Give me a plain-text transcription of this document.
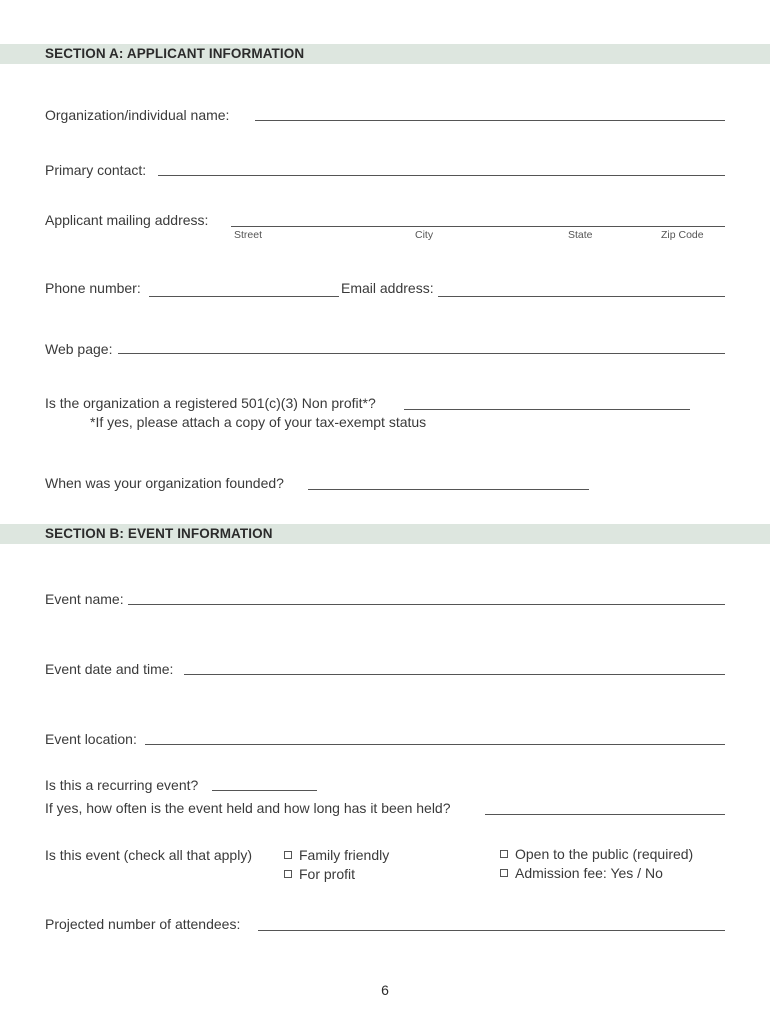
SECTION A: APPLICANT INFORMATION
Organization/individual name:
Primary contact:
Applicant mailing address:
Street	City	State	Zip Code
Phone number:	Email address:
Web page:
Is the organization a registered 501(c)(3) Non profit*?
*If yes, please attach a copy of your tax-exempt status
When was your organization founded?
SECTION B: EVENT INFORMATION
Event name:
Event date and time:
Event location:
Is this a recurring event?
If yes, how often is the event held and how long has it been held?
Is this event (check all that apply)	Family friendly
For profit
Open to the public (required)
Admission fee: Yes / No
Projected number of attendees:
6
